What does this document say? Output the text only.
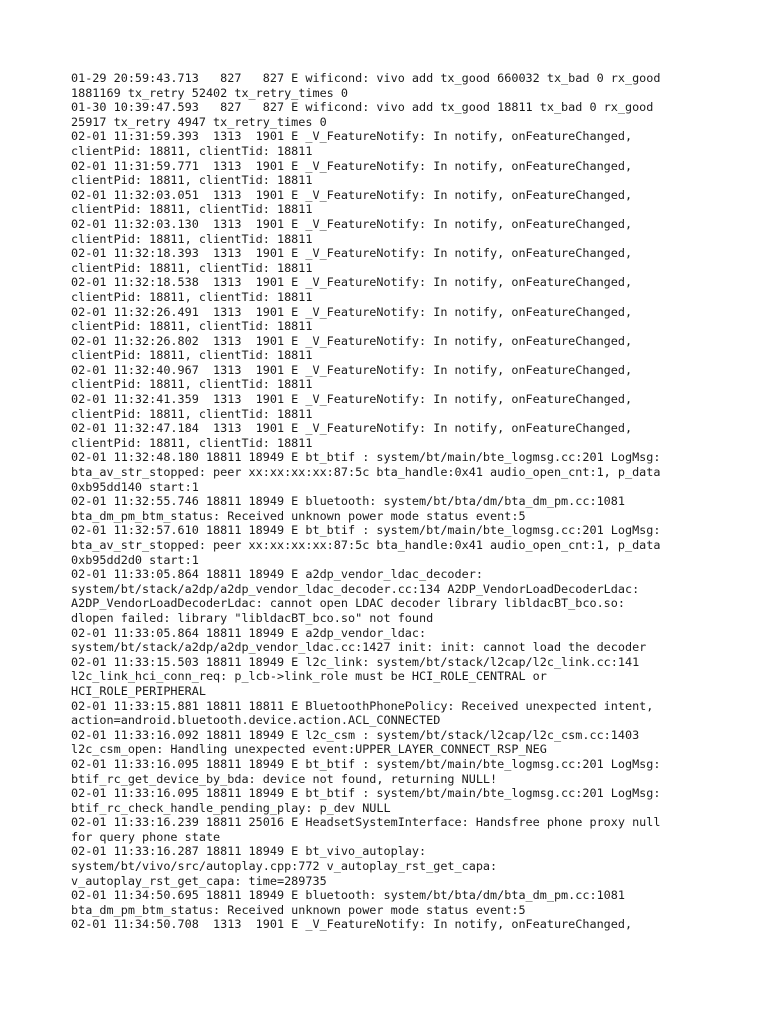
01-29 20:59:43.713   827   827 E wificond: vivo add tx_good 660032 tx_bad 0 rx_good
1881169 tx_retry 52402 tx_retry_times 0
01-30 10:39:47.593   827   827 E wificond: vivo add tx_good 18811 tx_bad 0 rx_good
25917 tx_retry 4947 tx_retry_times 0
02-01 11:31:59.393  1313  1901 E _V_FeatureNotify: In notify, onFeatureChanged,
clientPid: 18811, clientTid: 18811
02-01 11:31:59.771  1313  1901 E _V_FeatureNotify: In notify, onFeatureChanged,
clientPid: 18811, clientTid: 18811
02-01 11:32:03.051  1313  1901 E _V_FeatureNotify: In notify, onFeatureChanged,
clientPid: 18811, clientTid: 18811
02-01 11:32:03.130  1313  1901 E _V_FeatureNotify: In notify, onFeatureChanged,
clientPid: 18811, clientTid: 18811
02-01 11:32:18.393  1313  1901 E _V_FeatureNotify: In notify, onFeatureChanged,
clientPid: 18811, clientTid: 18811
02-01 11:32:18.538  1313  1901 E _V_FeatureNotify: In notify, onFeatureChanged,
clientPid: 18811, clientTid: 18811
02-01 11:32:26.491  1313  1901 E _V_FeatureNotify: In notify, onFeatureChanged,
clientPid: 18811, clientTid: 18811
02-01 11:32:26.802  1313  1901 E _V_FeatureNotify: In notify, onFeatureChanged,
clientPid: 18811, clientTid: 18811
02-01 11:32:40.967  1313  1901 E _V_FeatureNotify: In notify, onFeatureChanged,
clientPid: 18811, clientTid: 18811
02-01 11:32:41.359  1313  1901 E _V_FeatureNotify: In notify, onFeatureChanged,
clientPid: 18811, clientTid: 18811
02-01 11:32:47.184  1313  1901 E _V_FeatureNotify: In notify, onFeatureChanged,
clientPid: 18811, clientTid: 18811
02-01 11:32:48.180 18811 18949 E bt_btif : system/bt/main/bte_logmsg.cc:201 LogMsg:
bta_av_str_stopped: peer xx:xx:xx:xx:87:5c bta_handle:0x41 audio_open_cnt:1, p_data
0xb95dd140 start:1
02-01 11:32:55.746 18811 18949 E bluetooth: system/bt/bta/dm/bta_dm_pm.cc:1081
bta_dm_pm_btm_status: Received unknown power mode status event:5
02-01 11:32:57.610 18811 18949 E bt_btif : system/bt/main/bte_logmsg.cc:201 LogMsg:
bta_av_str_stopped: peer xx:xx:xx:xx:87:5c bta_handle:0x41 audio_open_cnt:1, p_data
0xb95dd2d0 start:1
02-01 11:33:05.864 18811 18949 E a2dp_vendor_ldac_decoder:
system/bt/stack/a2dp/a2dp_vendor_ldac_decoder.cc:134 A2DP_VendorLoadDecoderLdac:
A2DP_VendorLoadDecoderLdac: cannot open LDAC decoder library libldacBT_bco.so:
dlopen failed: library "libldacBT_bco.so" not found
02-01 11:33:05.864 18811 18949 E a2dp_vendor_ldac:
system/bt/stack/a2dp/a2dp_vendor_ldac.cc:1427 init: init: cannot load the decoder
02-01 11:33:15.503 18811 18949 E l2c_link: system/bt/stack/l2cap/l2c_link.cc:141
l2c_link_hci_conn_req: p_lcb->link_role must be HCI_ROLE_CENTRAL or
HCI_ROLE_PERIPHERAL
02-01 11:33:15.881 18811 18811 E BluetoothPhonePolicy: Received unexpected intent,
action=android.bluetooth.device.action.ACL_CONNECTED
02-01 11:33:16.092 18811 18949 E l2c_csm : system/bt/stack/l2cap/l2c_csm.cc:1403
l2c_csm_open: Handling unexpected event:UPPER_LAYER_CONNECT_RSP_NEG
02-01 11:33:16.095 18811 18949 E bt_btif : system/bt/main/bte_logmsg.cc:201 LogMsg:
btif_rc_get_device_by_bda: device not found, returning NULL!
02-01 11:33:16.095 18811 18949 E bt_btif : system/bt/main/bte_logmsg.cc:201 LogMsg:
btif_rc_check_handle_pending_play: p_dev NULL
02-01 11:33:16.239 18811 25016 E HeadsetSystemInterface: Handsfree phone proxy null
for query phone state
02-01 11:33:16.287 18811 18949 E bt_vivo_autoplay:
system/bt/vivo/src/autoplay.cpp:772 v_autoplay_rst_get_capa:
v_autoplay_rst_get_capa: time=289735
02-01 11:34:50.695 18811 18949 E bluetooth: system/bt/bta/dm/bta_dm_pm.cc:1081
bta_dm_pm_btm_status: Received unknown power mode status event:5
02-01 11:34:50.708  1313  1901 E _V_FeatureNotify: In notify, onFeatureChanged,
